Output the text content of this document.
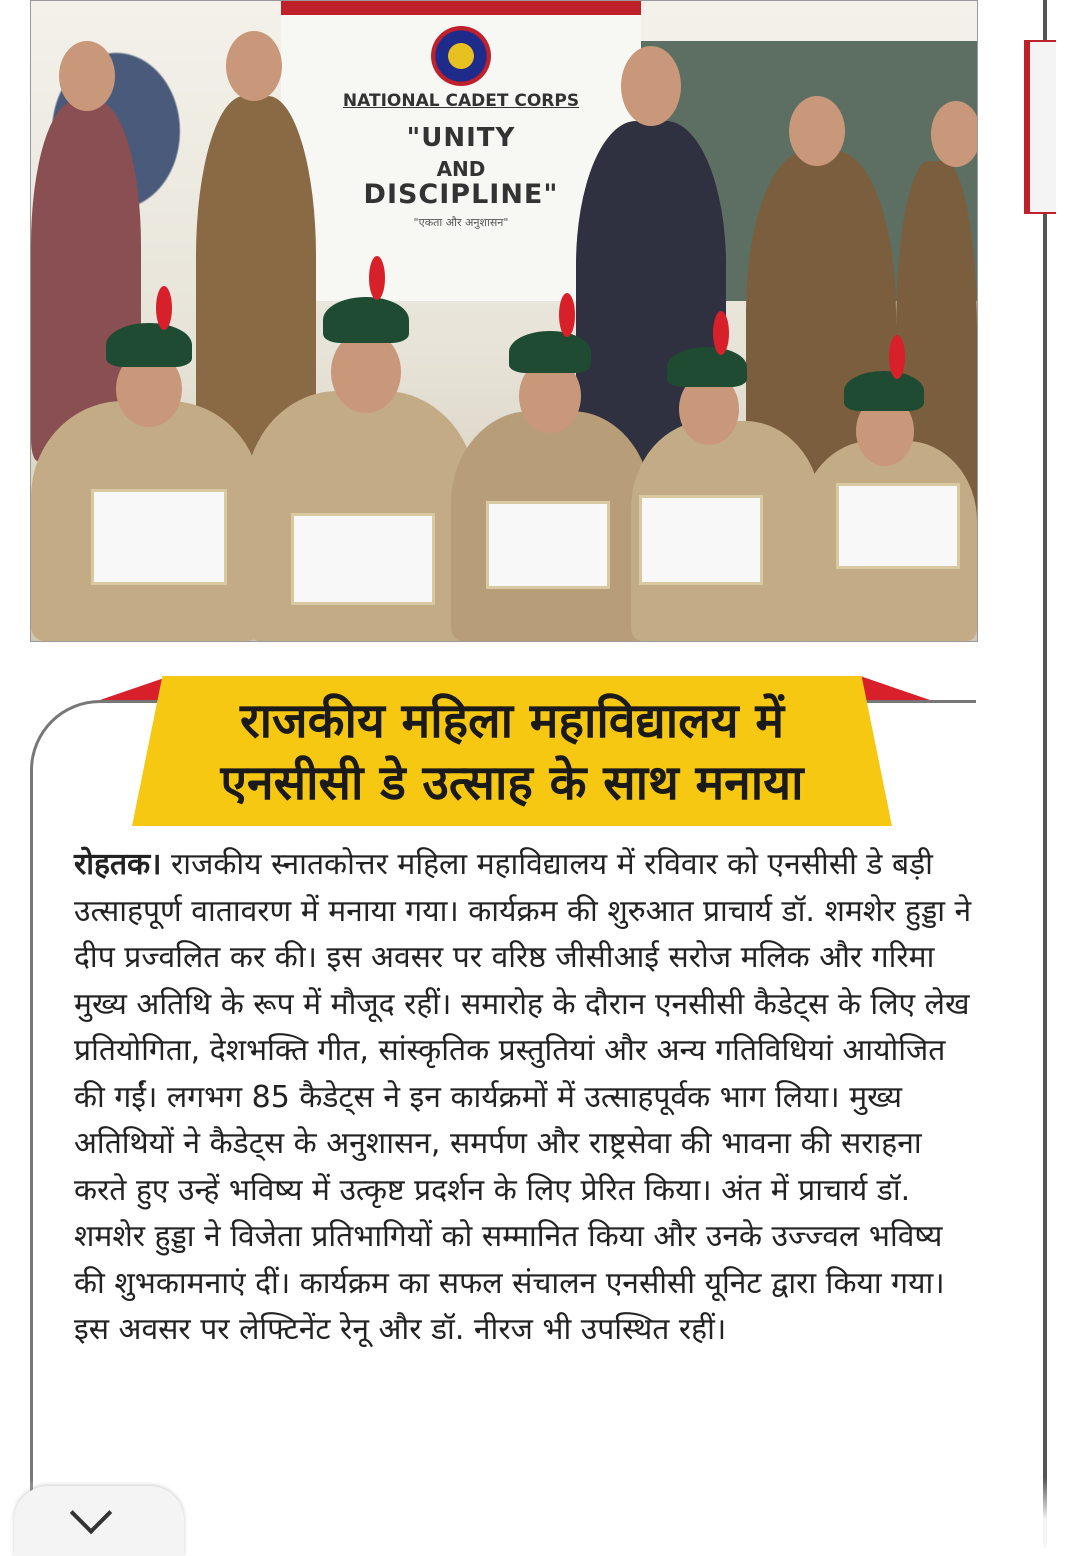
NATIONAL CADET CORPS
"UNITY
AND
DISCIPLINE"
"एकता और अनुशासन"
राजकीय महिला महाविद्यालय में
एनसीसी डे उत्साह के साथ मनाया

रोहतक। राजकीय स्नातकोत्तर महिला महाविद्यालय में रविवार को एनसीसी डे बड़ी उत्साहपूर्ण वातावरण में मनाया गया। कार्यक्रम की शुरुआत प्राचार्य डॉ. शमशेर हुड्डा ने दीप प्रज्वलित कर की। इस अवसर पर वरिष्ठ जीसीआई सरोज मलिक और गरिमा मुख्य अतिथि के रूप में मौजूद रहीं। समारोह के दौरान एनसीसी कैडेट्स के लिए लेख प्रतियोगिता, देशभक्ति गीत, सांस्कृतिक प्रस्तुतियां और अन्य गतिविधियां आयोजित की गईं। लगभग 85 कैडेट्स ने इन कार्यक्रमों में उत्साहपूर्वक भाग लिया। मुख्य अतिथियों ने कैडेट्स के अनुशासन, समर्पण और राष्ट्रसेवा की भावना की सराहना करते हुए उन्हें भविष्य में उत्कृष्ट प्रदर्शन के लिए प्रेरित किया। अंत में प्राचार्य डॉ. शमशेर हुड्डा ने विजेता प्रतिभागियों को सम्मानित किया और उनके उज्ज्वल भविष्य की शुभकामनाएं दीं। कार्यक्रम का सफल संचालन एनसीसी यूनिट द्वारा किया गया। इस अवसर पर लेफ्टिनेंट रेनू और डॉ. नीरज भी उपस्थित रहीं।
